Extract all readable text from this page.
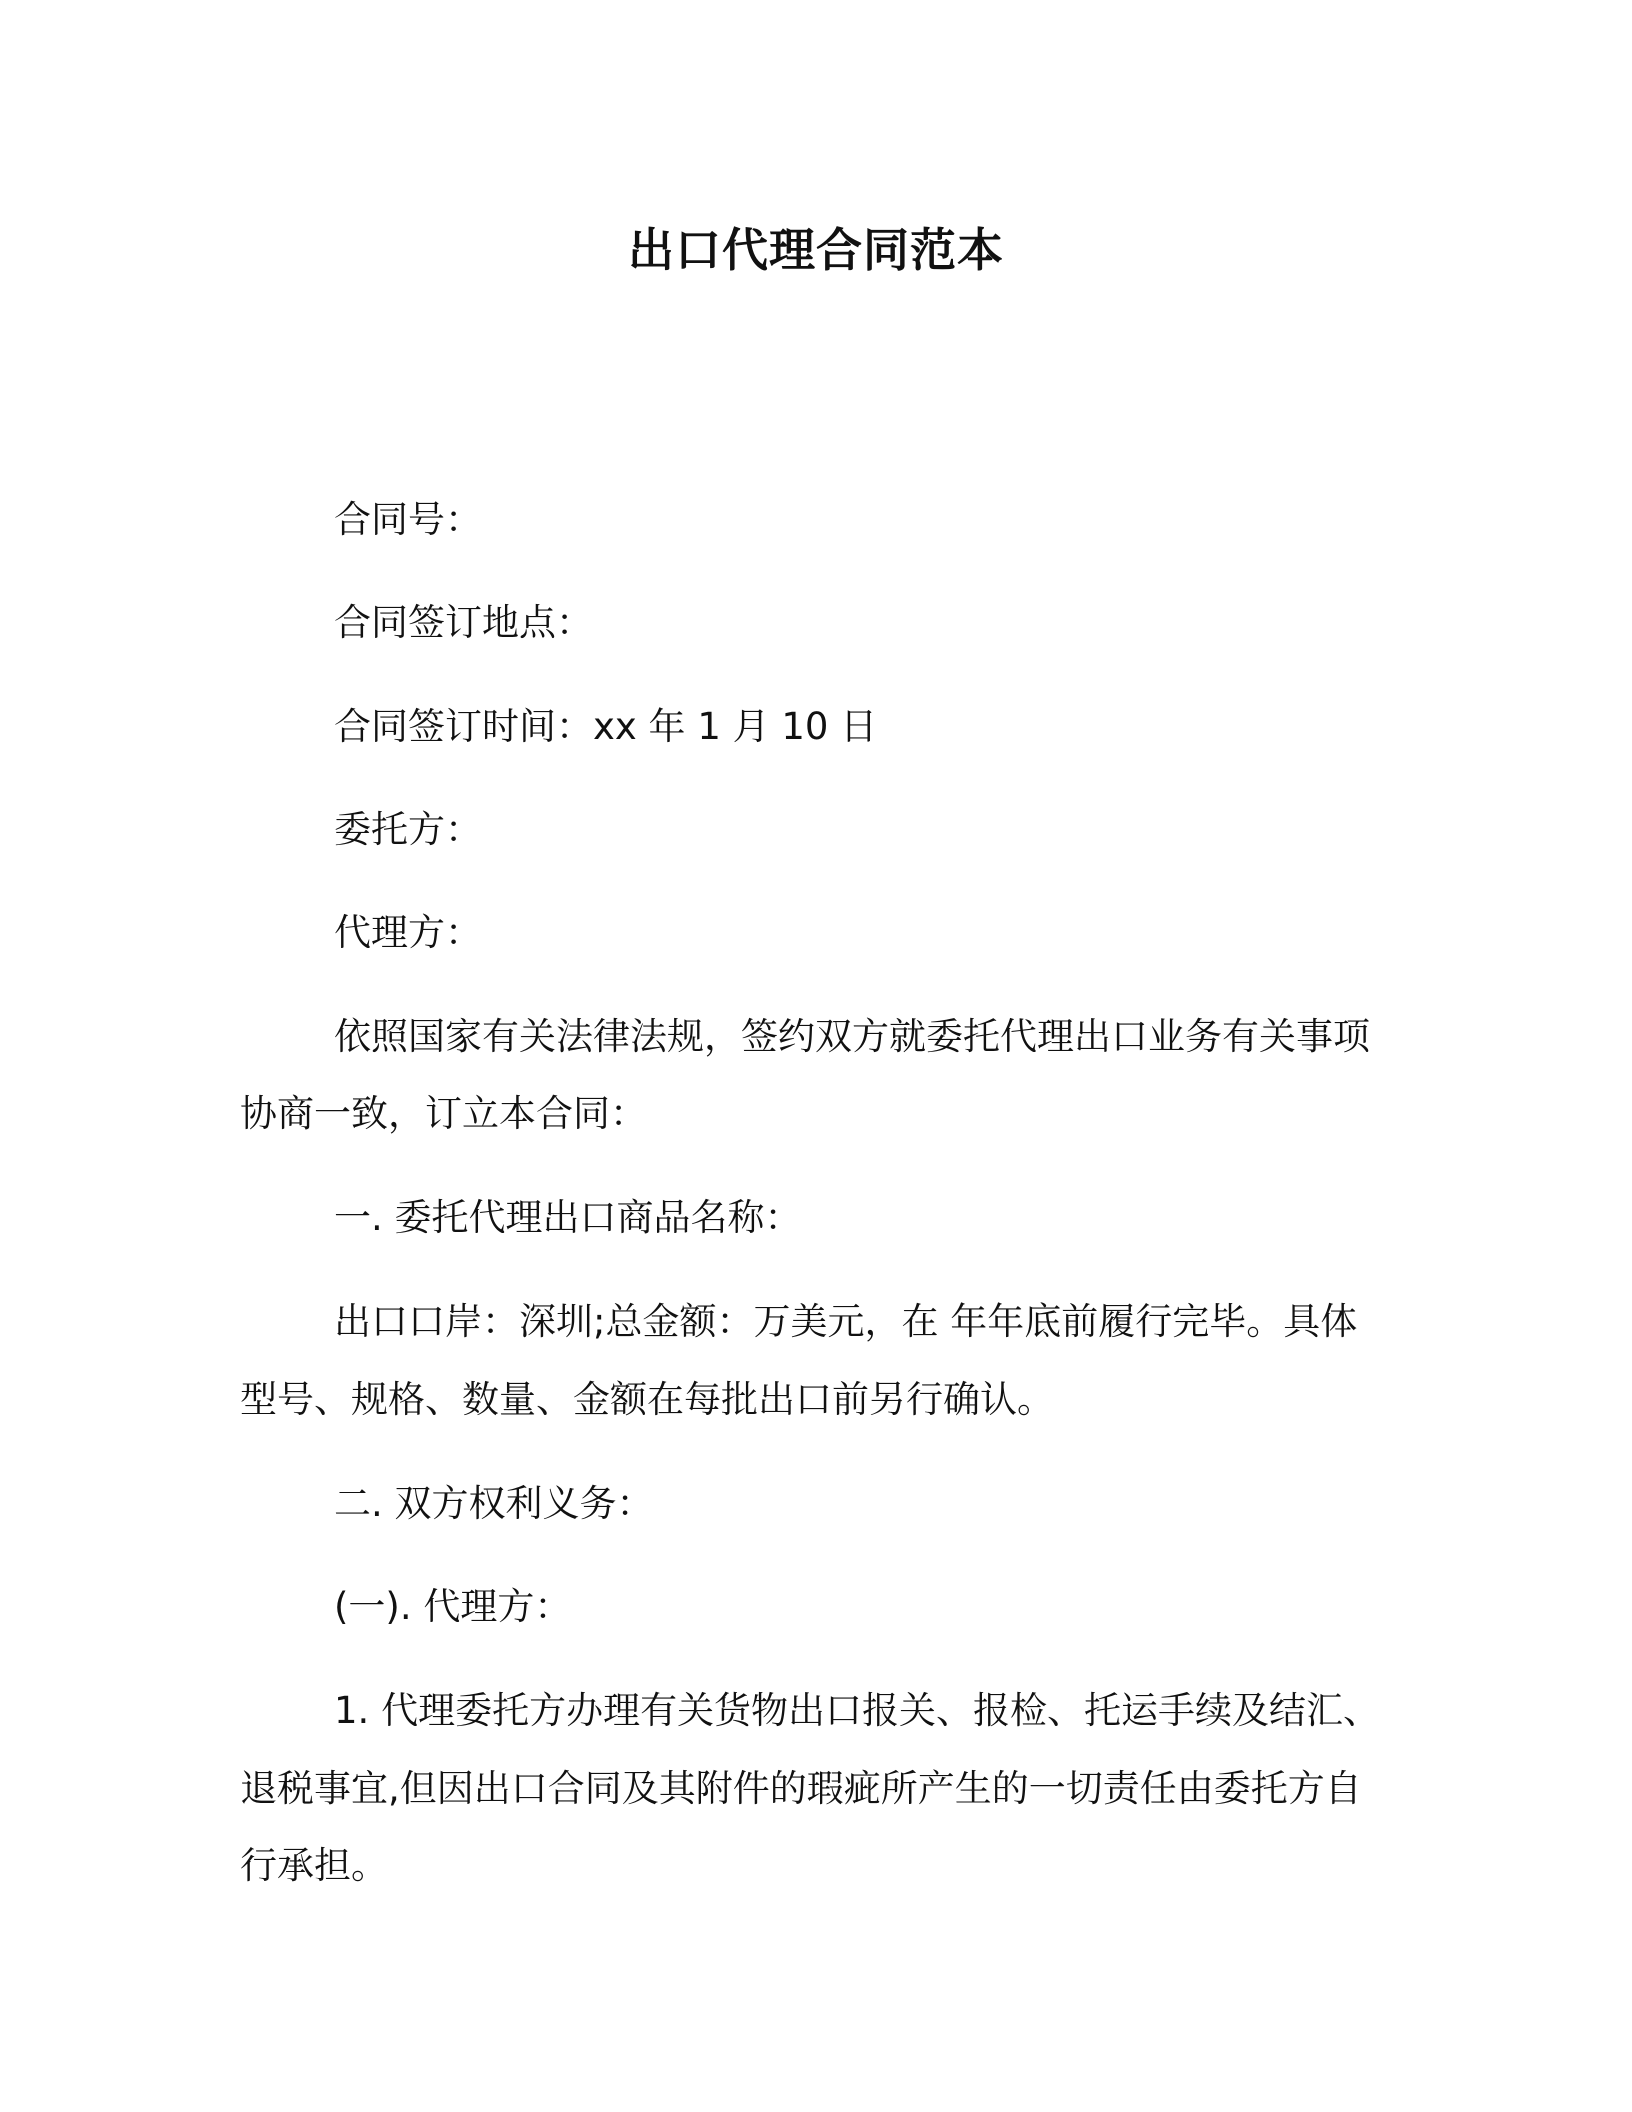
出口代理合同范本
合同号：
合同签订地点：
合同签订时间：xx 年 1 月 10 日
委托方：
代理方：
依照国家有关法律法规，签约双方就委托代理出口业务有关事项
协商一致，订立本合同：
一. 委托代理出口商品名称：
出口口岸：深圳;总金额：万美元，在 年年底前履行完毕。具体
型号、规格、数量、金额在每批出口前另行确认。
二. 双方权利义务：
(一). 代理方：
1. 代理委托方办理有关货物出口报关、报检、托运手续及结汇、
退税事宜,但因出口合同及其附件的瑕疵所产生的一切责任由委托方自
行承担。
